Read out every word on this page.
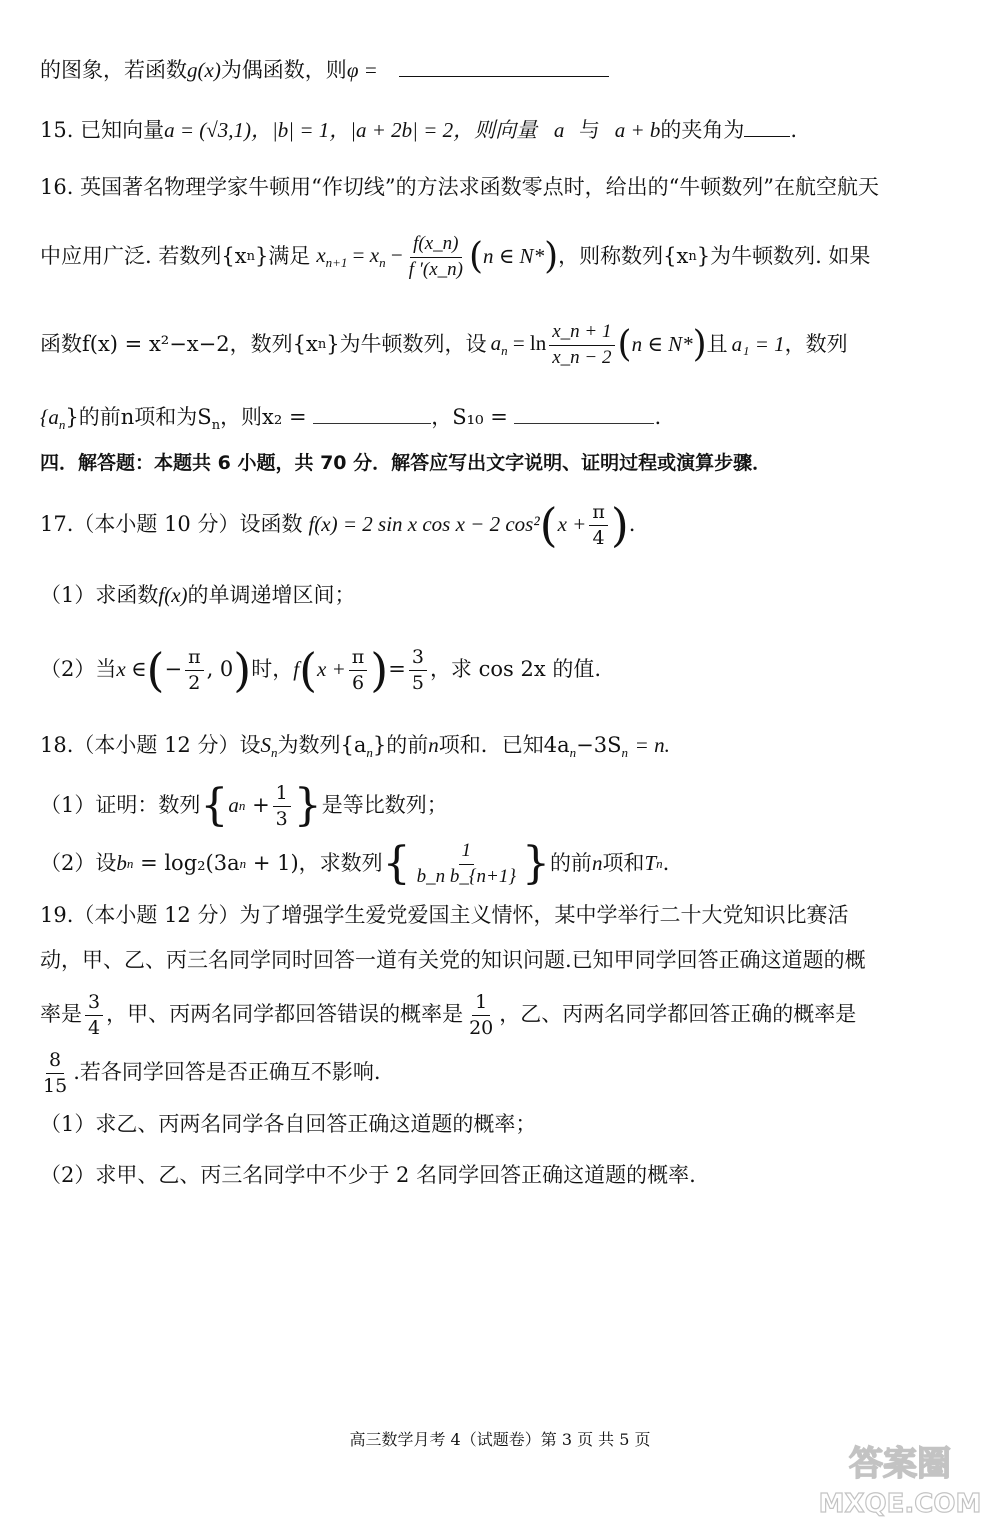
的图象，若函数g(x)为偶函数，则φ =
15. 已知向量a = (√3,1)，|b| = 1，|a + 2b| = 2，则向量 a 与 a + b的夹角为 .
16. 英国著名物理学家牛顿用“作切线”的方法求函数零点时，给出的“牛顿数列”在航空航天
中应用广泛. 若数列{x n }满足 $x_{n+1} = x_n - \frac{f(x\_n)}{f '(x\_n)}$ ( n ∈ N* ) ，则称数列{x n }为牛顿数列. 如果
函数f(x) = x²−x−2，数列{x n }为牛顿数列，设 $a_n = \ln \frac{x\_n + 1}{x\_n - 2}$ ( n ∈ N* ) 且 a₁ = 1 ，数列
$\{a_n\}$的前n项和为$S_n$，则x₂ =	，S₁₀ =	.
四．解答题：本题共 6 小题，共 70 分．解答应写出文字说明、证明过程或演算步骤．
17.（本小题 10 分）设函数 f(x) = 2 sin x cos x − 2 cos² ( $x + \frac{\pi}{4}$ ) .
（1）求函数f(x)的单调递增区间；
（2）当 x ∈ ( − $\frac{\pi}{2}$ , 0 ) 时， f ( $x + \frac{\pi}{6}$ ) = $\frac{3}{5}$ ，求 cos 2x 的值.
18.（本小题 12 分）设$S_n$为数列$\{a_n\}$的前n项和．已知$4a_n-3S_n = n$.
（1）证明：数列 { a n
+ $\frac{1}{3}$ } 是等比数列；
（2）设 b n
= log₂(3a n
+ 1)，求数列 { $\frac{1}{\text{b\_n b\_\{n+1\}}}$ } 的前 n 项和 T n .
19.（本小题 12 分）为了增强学生爱党爱国主义情怀，某中学举行二十大党知识比赛活
动，甲、乙、丙三名同学同时回答一道有关党的知识问题.已知甲同学回答正确这道题的概
率是 $\frac{3}{4}$ ，甲、丙两名同学都回答错误的概率是 $\frac{1}{20}$ ，乙、丙两名同学都回答正确的概率是
$\frac{8}{15}$ .若各同学回答是否正确互不影响.
（1）求乙、丙两名同学各自回答正确这道题的概率；
（2）求甲、乙、丙三名同学中不少于 2 名同学回答正确这道题的概率.
高三数学月考 4（试题卷）第 3 页 共 5 页
答案圈
MXQE.COM
